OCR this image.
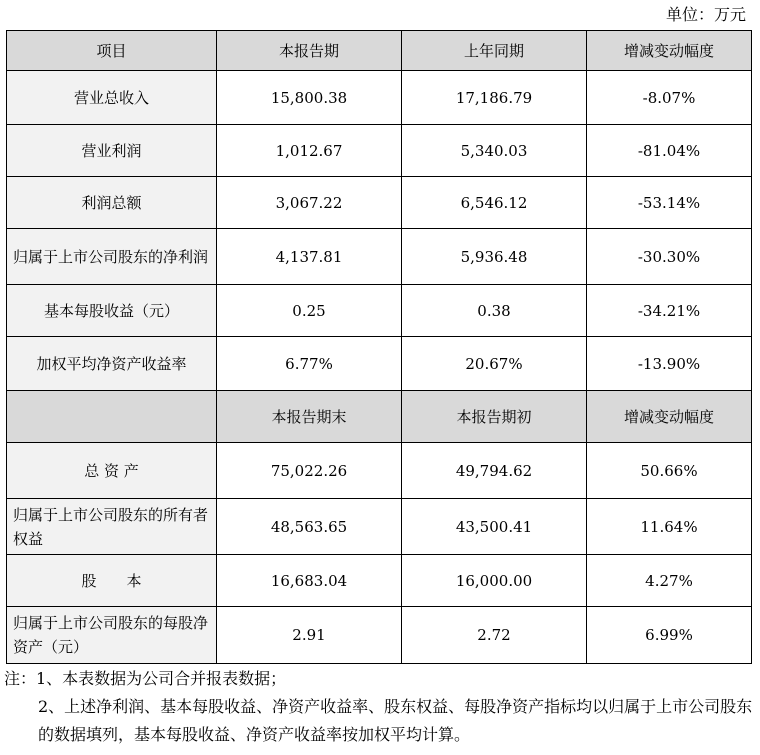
单位：万元
项目	本报告期	上年同期	增减变动幅度
营业总收入	15,800.38	17,186.79	-8.07%
营业利润	1,012.67	5,340.03	-81.04%
利润总额	3,067.22	6,546.12	-53.14%
归属于上市公司股东的净利润	4,137.81	5,936.48	-30.30%
基本每股收益（元）	0.25	0.38	-34.21%
加权平均净资产收益率	6.77%	20.67%	-13.90%
	本报告期末	本报告期初	增减变动幅度
总 资 产	75,022.26	49,794.62	50.66%
归属于上市公司股东的所有者权益	48,563.65	43,500.41	11.64%
股　　本	16,683.04	16,000.00	4.27%
归属于上市公司股东的每股净资产（元）	2.91	2.72	6.99%

注：1、本表数据为公司合并报表数据；

2、上述净利润、基本每股收益、净资产收益率、股东权益、每股净资产指标均以归属于上市公司股东的数据填列，基本每股收益、净资产收益率按加权平均计算。
